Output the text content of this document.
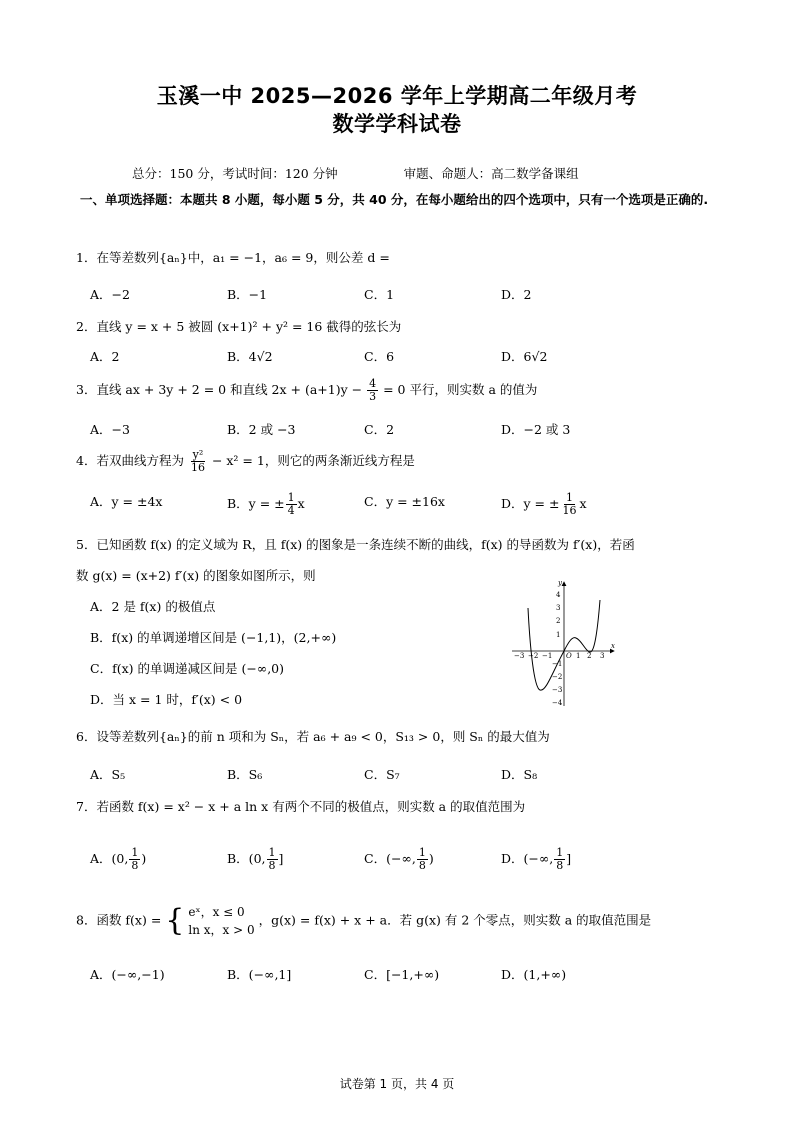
玉溪一中 2025—2026 学年上学期高二年级月考
数学学科试卷
总分：150 分，考试时间：120 分钟	审题、命题人：高二数学备课组
一、单项选择题：本题共 8 小题，每小题 5 分，共 40 分，在每小题给出的四个选项中，只有一个选项是正确的.
1．在等差数列{aₙ}中，a₁ = −1，a₆ = 9，则公差 d =
A．−2	B．−1	C．1	D．2
2．直线 y = x + 5 被圆 (x+1)² + y² = 16 截得的弦长为
A．2	B．4√2	C．6	D．6√2
3．直线 ax + 3y + 2 = 0 和直线 $2x + (a+1)y - \frac{4}{3} = 0$ 平行，则实数 a 的值为
A．−3	B．2 或 −3	C．2	D．−2 或 3
4．若双曲线方程为 $\frac{\text{y²}}{16} - x^2 = 1$，则它的两条渐近线方程是
A．y = ±4x	B．y = ± $\frac{1}{4}$ x	C．y = ±16x	D．y = ± $\frac{1}{16}$ x
5．已知函数 f(x) 的定义域为 R，且 f(x) 的图象是一条连续不断的曲线，f(x) 的导函数为 f′(x)，若函
数 g(x) = (x+2) f′(x) 的图象如图所示，则
A．2 是 f(x) 的极值点
B．f(x) 的单调递增区间是 (−1,1)，(2,+∞)
C．f(x) 的单调递减区间是 (−∞,0)
D．当 x = 1 时，f′(x) < 0
x
y
O
−3 −2 −1	1 2 3
4
3
2
1
−1
−2
−3
−4
6．设等差数列{aₙ}的前 n 项和为 Sₙ，若 a₆ + a₉ < 0，S₁₃ > 0，则 Sₙ 的最大值为
A．S₅	B．S₆	C．S₇	D．S₈
7．若函数 f(x) = x² − x + a ln x 有两个不同的极值点，则实数 a 的取值范围为
A．(0, $\frac{1}{8}$ )	B．(0, $\frac{1}{8}$ ]	C．(−∞, $\frac{1}{8}$ )	D．(−∞, $\frac{1}{8}$ ]
8．函数 f(x) = { eˣ，x ≤ 0
ln x，x > 0 ，g(x) = f(x) + x + a．若 g(x) 有 2 个零点，则实数 a 的取值范围是
A．(−∞,−1)	B．(−∞,1]	C．[−1,+∞)	D．(1,+∞)
试卷第 1 页，共 4 页
